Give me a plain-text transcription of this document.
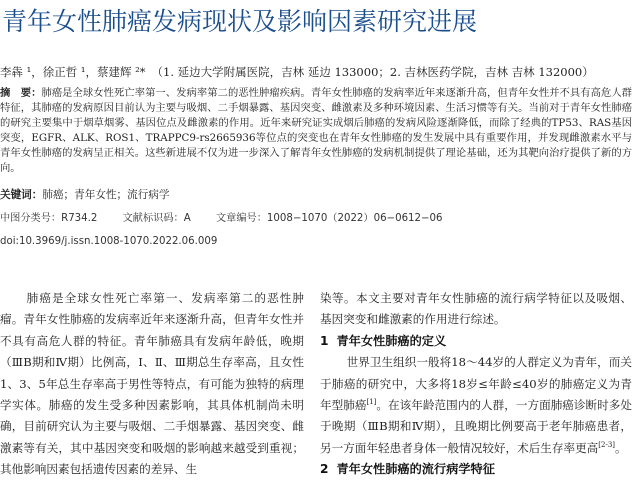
青年女性肺癌发病现状及影响因素研究进展
李犇 ¹，徐正哲 ¹，蔡建辉 ²* （1. 延边大学附属医院，吉林 延边 133000；2. 吉林医药学院，吉林 吉林 132000）
摘　要：肺癌是全球女性死亡率第一、发病率第二的恶性肿瘤疾病。青年女性肺癌的发病率近年来逐渐升高，但青年女性并不具有高危人群特征，其肺癌的发病原因目前认为主要与吸烟、二手烟暴露、基因突变、雌激素及多种环境因素、生活习惯等有关。当前对于青年女性肺癌的研究主要集中于烟草烟雾、基因位点及雌激素的作用。近年来研究证实成烟后肺癌的发病风险逐渐降低，而除了经典的TP53、RAS基因突变，EGFR、ALK、ROS1、TRAPPC9-rs2665936等位点的突变也在青年女性肺癌的发生发展中具有重要作用，并发现雌激素水平与青年女性肺癌的发病呈正相关。这些新进展不仅为进一步深入了解青年女性肺癌的发病机制提供了理论基础，还为其靶向治疗提供了新的方向。
关键词：肺癌；青年女性；流行病学
中图分类号：R734.2 文献标识码：A 文章编号：1008−1070（2022）06−0612−06
doi:10.3969/j.issn.1008-1070.2022.06.009

肺癌是全球女性死亡率第一、发病率第二的恶性肿瘤。青年女性肺癌的发病率近年来逐渐升高，但青年女性并不具有高危人群的特征。青年肺癌具有发病年龄低，晚期（ⅢB期和Ⅳ期）比例高，Ⅰ、Ⅱ、Ⅲ期总生存率高，且女性1、3、5年总生存率高于男性等特点，有可能为独特的病理学实体。肺癌的发生受多种因素影响，其具体机制尚未明确，目前研究认为主要与吸烟、二手烟暴露、基因突变、雌激素等有关，其中基因突变和吸烟的影响越来越受到重视；其他影响因素包括遗传因素的差异、生

染等。本文主要对青年女性肺癌的流行病学特征以及吸烟、基因突变和雌激素的作用进行综述。

1 青年女性肺癌的定义

世界卫生组织一般将18～44岁的人群定义为青年，而关于肺癌的研究中，大多将18岁≤年龄≤40岁的肺癌定义为青年型肺癌[1]。在该年龄范围内的人群，一方面肺癌诊断时多处于晚期（ⅢB期和Ⅳ期），且晚期比例要高于老年肺癌患者，另一方面年轻患者身体一般情况较好，术后生存率更高[2-3]。

2 青年女性肺癌的流行病学特征
